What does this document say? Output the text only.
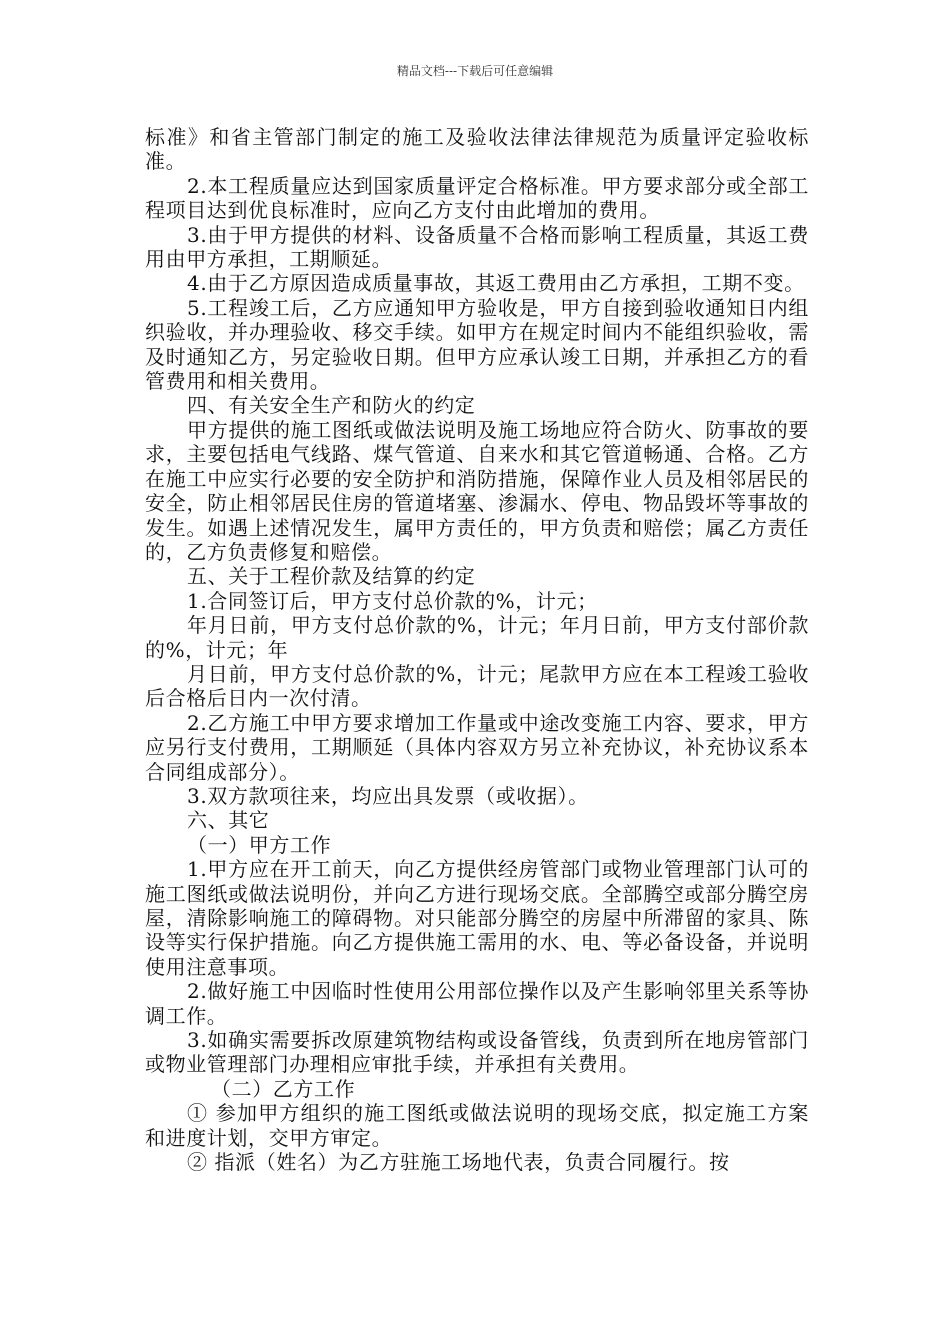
精品文档---下载后可任意编辑

标准》和省主管部门制定的施工及验收法律法律规范为质量评定验收标准。

2.本工程质量应达到国家质量评定合格标准。甲方要求部分或全部工程项目达到优良标准时，应向乙方支付由此增加的费用。

3.由于甲方提供的材料、设备质量不合格而影响工程质量，其返工费用由甲方承担，工期顺延。

4.由于乙方原因造成质量事故，其返工费用由乙方承担，工期不变。

5.工程竣工后，乙方应通知甲方验收是，甲方自接到验收通知日内组织验收，并办理验收、移交手续。如甲方在规定时间内不能组织验收，需及时通知乙方，另定验收日期。但甲方应承认竣工日期，并承担乙方的看管费用和相关费用。

四、有关安全生产和防火的约定

甲方提供的施工图纸或做法说明及施工场地应符合防火、防事故的要求，主要包括电气线路、煤气管道、自来水和其它管道畅通、合格。乙方在施工中应实行必要的安全防护和消防措施，保障作业人员及相邻居民的安全，防止相邻居民住房的管道堵塞、渗漏水、停电、物品毁坏等事故的发生。如遇上述情况发生，属甲方责任的，甲方负责和赔偿；属乙方责任的，乙方负责修复和赔偿。

五、关于工程价款及结算的约定

1.合同签订后，甲方支付总价款的%，计元；

年月日前，甲方支付总价款的%，计元；年月日前，甲方支付部价款的%，计元；年

月日前，甲方支付总价款的%，计元；尾款甲方应在本工程竣工验收后合格后日内一次付清。

2.乙方施工中甲方要求增加工作量或中途改变施工内容、要求，甲方应另行支付费用，工期顺延（具体内容双方另立补充协议，补充协议系本合同组成部分）。

3.双方款项往来，均应出具发票（或收据）。

六、其它

（一）甲方工作

1.甲方应在开工前天，向乙方提供经房管部门或物业管理部门认可的施工图纸或做法说明份，并向乙方进行现场交底。全部腾空或部分腾空房屋，清除影响施工的障碍物。对只能部分腾空的房屋中所滞留的家具、陈设等实行保护措施。向乙方提供施工需用的水、电、等必备设备，并说明使用注意事项。

2.做好施工中因临时性使用公用部位操作以及产生影响邻里关系等协调工作。

3.如确实需要拆改原建筑物结构或设备管线，负责到所在地房管部门或物业管理部门办理相应审批手续，并承担有关费用。

（二）乙方工作

① 参加甲方组织的施工图纸或做法说明的现场交底，拟定施工方案和进度计划，交甲方审定。

② 指派（姓名）为乙方驻施工场地代表，负责合同履行。按
